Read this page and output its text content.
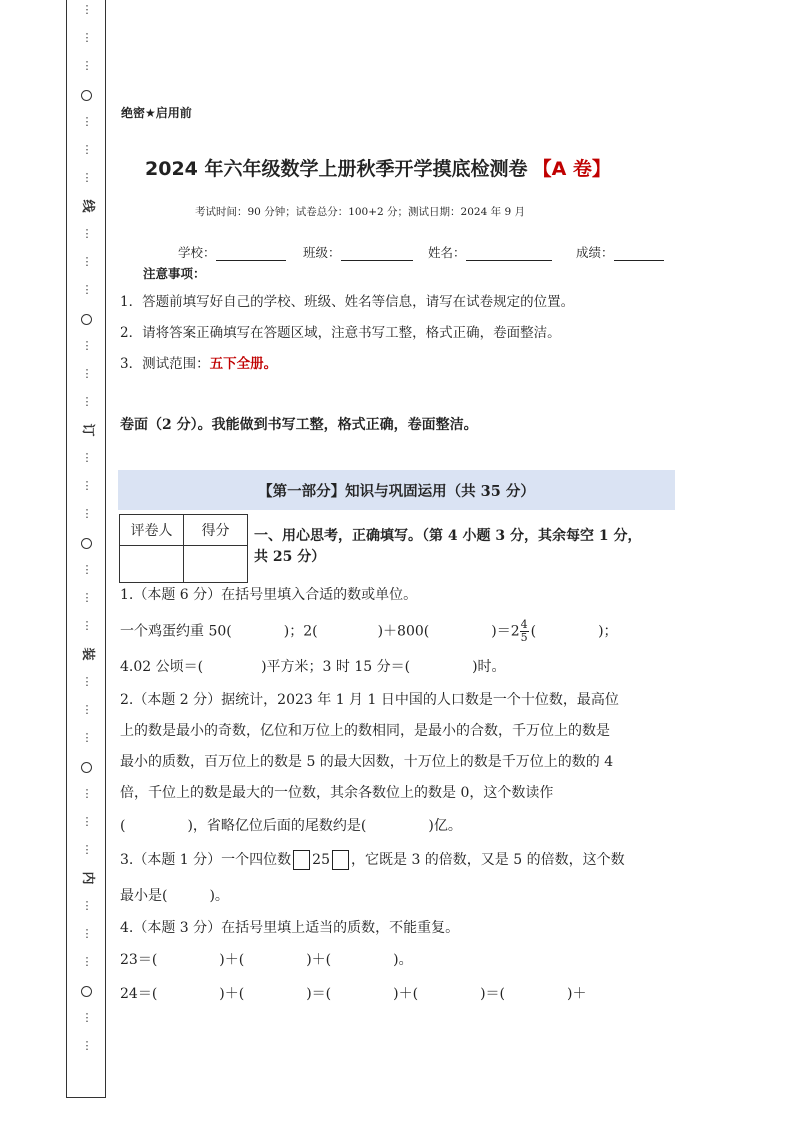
⋮
⋮
⋮
⋮
⋮
⋮
线
⋮
⋮
⋮
⋮
⋮
⋮
订
⋮
⋮
⋮
⋮
⋮
⋮
装
⋮
⋮
⋮
⋮
⋮
⋮
内
⋮
⋮
⋮
⋮
⋮
绝密★启用前
2024 年六年级数学上册秋季开学摸底检测卷 【A 卷】
考试时间：90 分钟；试卷总分：100+2 分；测试日期：2024 年 9 月
学校：	班级：	姓名：	成绩：
注意事项：
1．答题前填写好自己的学校、班级、姓名等信息，请写在试卷规定的位置。
2．请将答案正确填写在答题区域，注意书写工整，格式正确，卷面整洁。
3．测试范围：五下全册。
卷面（2 分）。我能做到书写工整，格式正确，卷面整洁。
【第一部分】知识与巩固运用（共 35 分）
评卷人	得分
	一、用心思考，正确填写。（第 4 小题 3 分，其余每空 1 分，
共 25 分）
1.（本题 6 分）在括号里填入合适的数或单位。
一个鸡蛋约重 50(	)；2(	)＋800(	)$=2 \frac{4}{5}$ (	)；
4.02 公顷＝(	)平方米；3 时 15 分＝(	)时。
2.（本题 2 分）据统计，2023 年 1 月 1 日中国的人口数是一个十位数，最高位
上的数是最小的奇数，亿位和万位上的数相同，是最小的合数，千万位上的数是
最小的质数，百万位上的数是 5 的最大因数，十万位上的数是千万位上的数的 4
倍，千位上的数是最大的一位数，其余各数位上的数是 0，这个数读作
(	)，省略亿位后面的尾数约是(	)亿。
3.（本题 1 分）一个四位数 25 ，它既是 3 的倍数，又是 5 的倍数，这个数
最小是(	)。
4.（本题 3 分）在括号里填上适当的质数，不能重复。
23＝(	)＋(	)＋(	)。
24＝(	)＋(	)＝(	)＋(	)＝(	)＋
